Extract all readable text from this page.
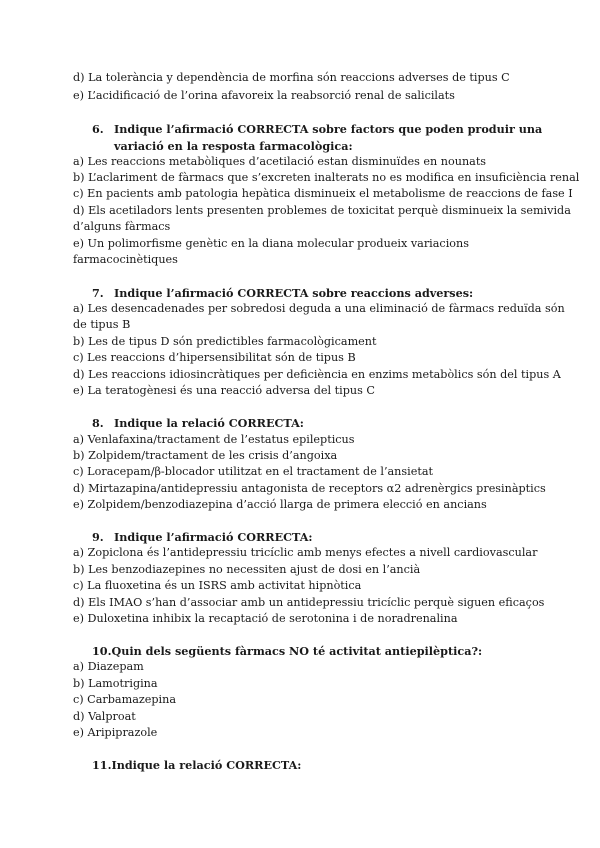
d) La tolerància y dependència de morfina són reaccions adverses de tipus C
e) L’acidificació de l’orina afavoreix la reabsorció renal de salicilats
6. Indique l’afirmació CORRECTA sobre factors que poden produir una
variació en la resposta farmacològica:
a) Les reaccions metabòliques d’acetilació estan disminuïdes en nounats
b) L’aclariment de fàrmacs que s’excreten inalterats no es modifica en insuficiència renal
c) En pacients amb patologia hepàtica disminueix el metabolisme de reaccions de fase I
d) Els acetiladors lents presenten problemes de toxicitat perquè disminueix la semivida
d’alguns fàrmacs
e) Un polimorfisme genètic en la diana molecular produeix variacions
farmacocinètiques
7. Indique l’afirmació CORRECTA sobre reaccions adverses:
a) Les desencadenades per sobredosi deguda a una eliminació de fàrmacs reduïda són
de tipus B
b) Les de tipus D són predictibles farmacològicament
c) Les reaccions d’hipersensibilitat són de tipus B
d) Les reaccions idiosincràtiques per deficiència en enzims metabòlics són del tipus A
e) La teratogènesi és una reacció adversa del tipus C
8. Indique la relació CORRECTA:
a) Venlafaxina/tractament de l’estatus epilepticus
b) Zolpidem/tractament de les crisis d’angoixa
c) Loracepam/β-blocador utilitzat en el tractament de l’ansietat
d) Mirtazapina/antidepressiu antagonista de receptors α2 adrenèrgics presinàptics
e) Zolpidem/benzodiazepina d’acció llarga de primera elecció en ancians
9. Indique l’afirmació CORRECTA:
a) Zopiclona és l’antidepressiu tricíclic amb menys efectes a nivell cardiovascular
b) Les benzodiazepines no necessiten ajust de dosi en l’ancià
c) La fluoxetina és un ISRS amb activitat hipnòtica
d) Els IMAO s’han d’associar amb un antidepressiu tricíclic perquè siguen eficaços
e) Duloxetina inhibix la recaptació de serotonina i de noradrenalina
10.Quin dels següents fàrmacs NO té activitat antiepilèptica?:
a) Diazepam
b) Lamotrigina
c) Carbamazepina
d) Valproat
e) Aripiprazole
11.Indique la relació CORRECTA:
